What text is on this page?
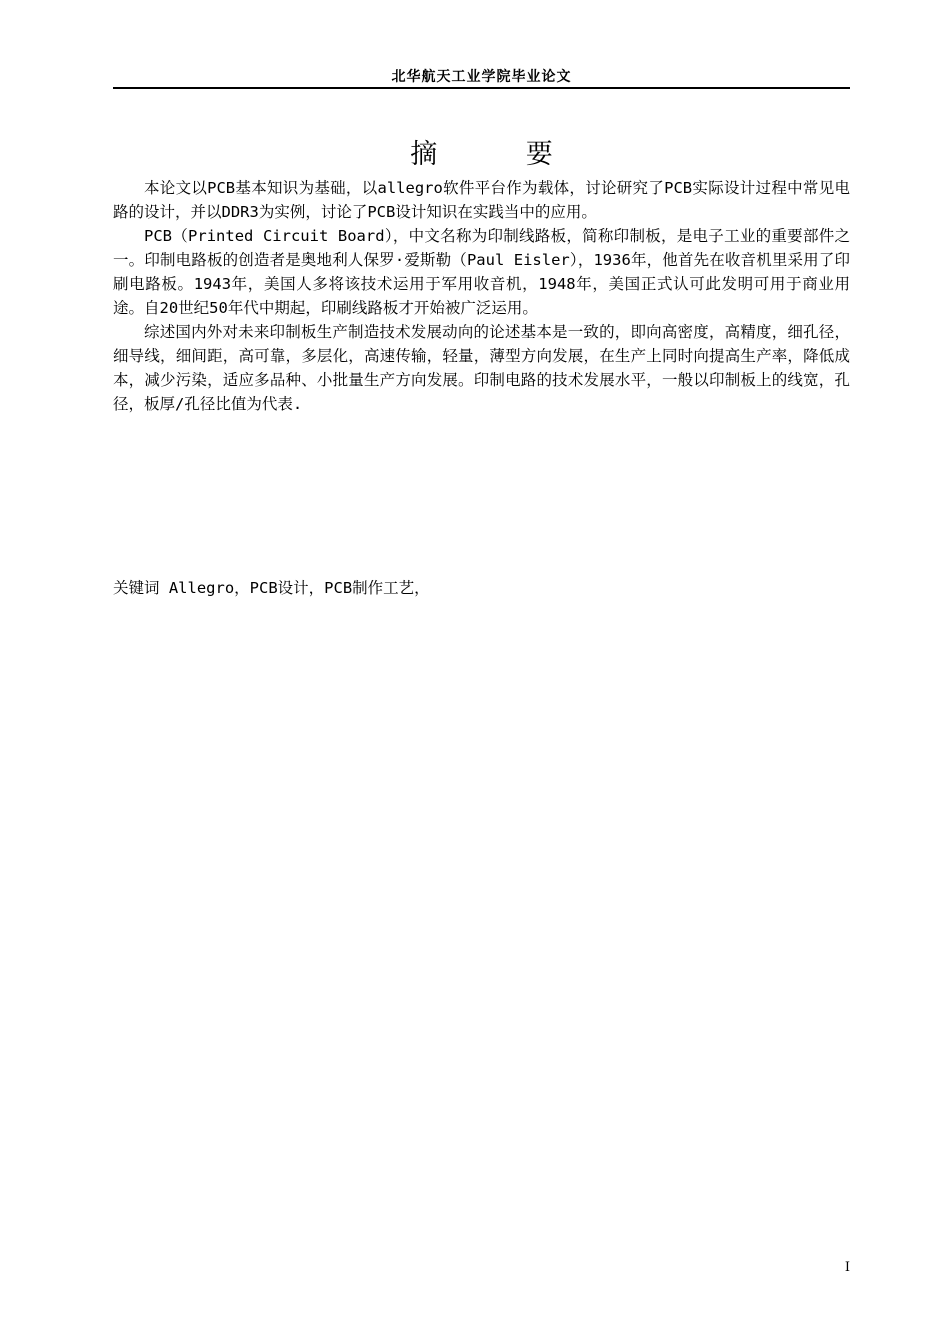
北华航天工业学院毕业论文
摘 要

本论文以PCB基本知识为基础，以allegro软件平台作为载体，讨论研究了PCB实际设计过程中常见电路的设计，并以DDR3为实例，讨论了PCB设计知识在实践当中的应用。

PCB（Printed Circuit Board），中文名称为印制线路板，简称印制板，是电子工业的重要部件之一。印制电路板的创造者是奥地利人保罗·爱斯勒（Paul Eisler），1936年，他首先在收音机里采用了印刷电路板。1943年，美国人多将该技术运用于军用收音机，1948年，美国正式认可此发明可用于商业用途。自20世纪50年代中期起，印刷线路板才开始被广泛运用。

综述国内外对未来印制板生产制造技术发展动向的论述基本是一致的，即向高密度，高精度，细孔径，细导线，细间距，高可靠，多层化，高速传输，轻量，薄型方向发展，在生产上同时向提高生产率，降低成本，减少污染，适应多品种、小批量生产方向发展。印制电路的技术发展水平，一般以印制板上的线宽，孔径，板厚/孔径比值为代表.

关键词 Allegro，PCB设计，PCB制作工艺，
I
